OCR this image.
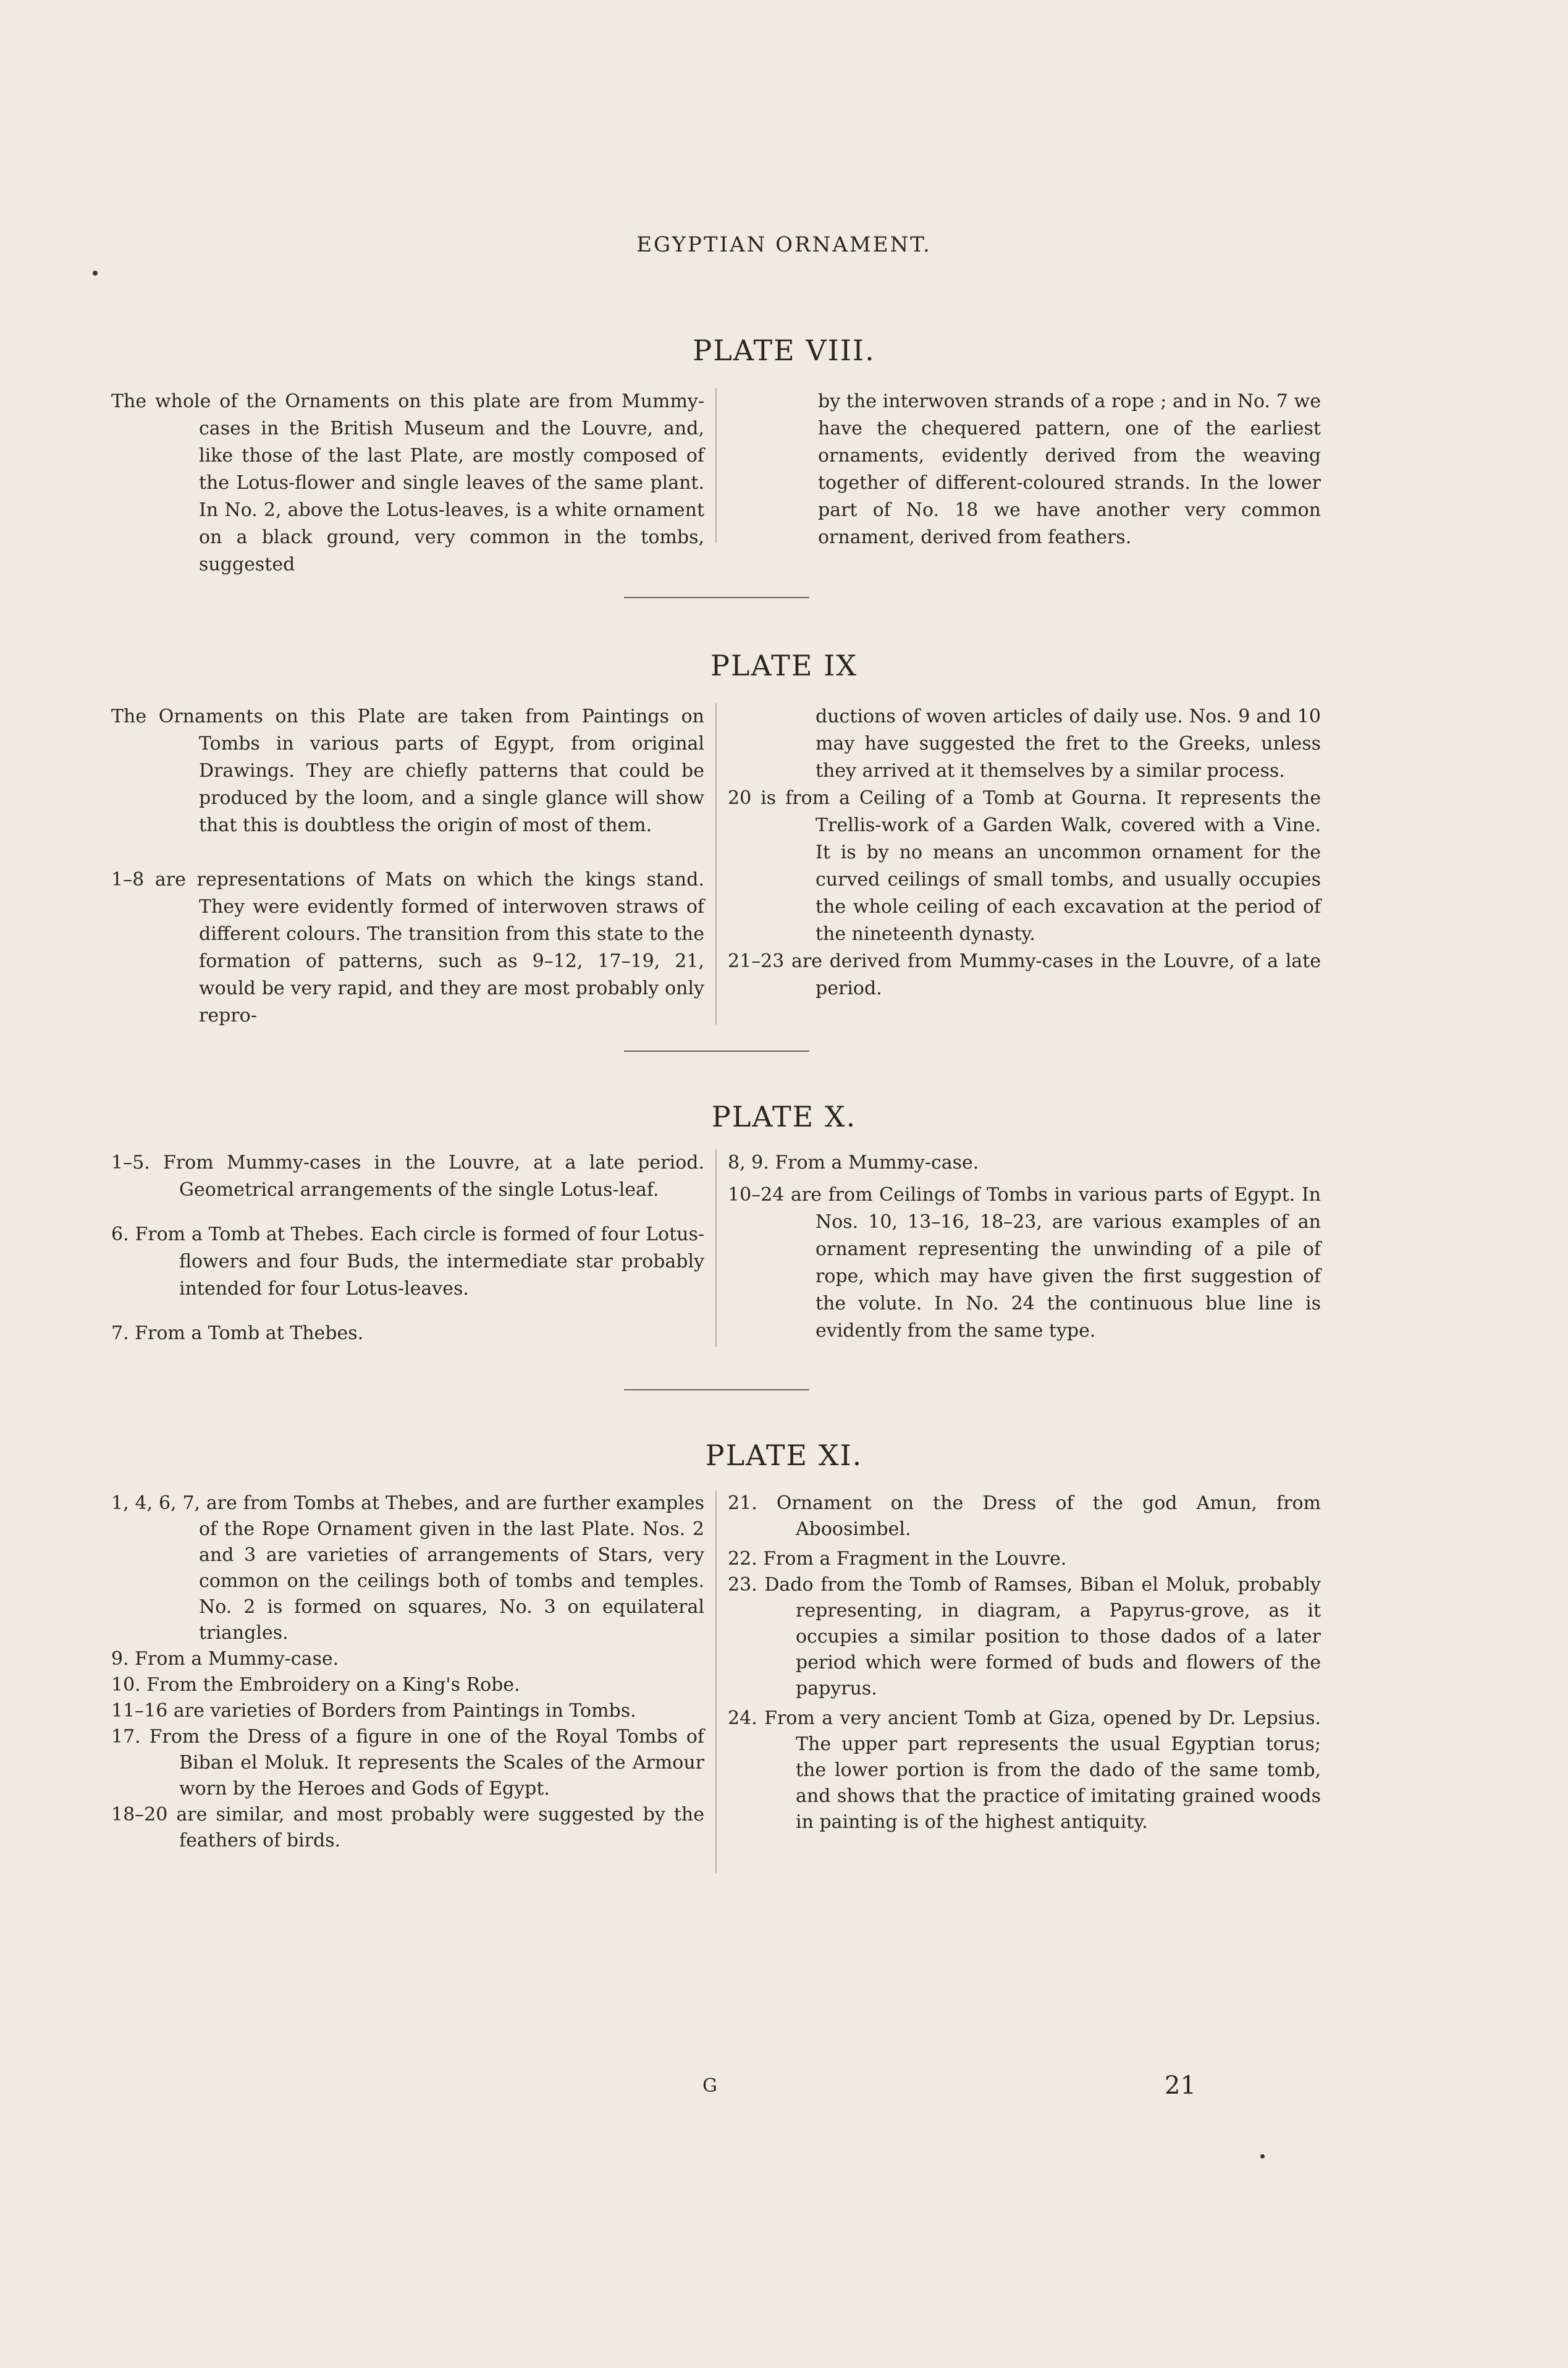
EGYPTIAN ORNAMENT.
PLATE VIII.
The whole of the Ornaments on this plate are from Mummy-cases in the British Museum and the Louvre, and, like those of the last Plate, are mostly composed of the Lotus-flower and single leaves of the same plant. In No. 2, above the Lotus-leaves, is a white ornament on a black ground, very common in the tombs, suggested
by the interwoven strands of a rope ; and in No. 7 we have the chequered pattern, one of the earliest ornaments, evidently derived from the weaving together of different-coloured strands. In the lower part of No. 18 we have another very common ornament, derived from feathers.
PLATE IX
The Ornaments on this Plate are taken from Paintings on Tombs in various parts of Egypt, from original Drawings. They are chiefly patterns that could be produced by the loom, and a single glance will show that this is doubtless the origin of most of them.
1–8 are representations of Mats on which the kings stand. They were evidently formed of interwoven straws of different colours. The transition from this state to the formation of patterns, such as 9–12, 17–19, 21, would be very rapid, and they are most probably only repro-
ductions of woven articles of daily use. Nos. 9 and 10 may have suggested the fret to the Greeks, unless they arrived at it themselves by a similar process.
20 is from a Ceiling of a Tomb at Gourna. It represents the Trellis-work of a Garden Walk, covered with a Vine. It is by no means an uncommon ornament for the curved ceilings of small tombs, and usually occupies the whole ceiling of each excavation at the period of the nineteenth dynasty.
21–23 are derived from Mummy-cases in the Louvre, of a late period.
PLATE X.
1–5. From Mummy-cases in the Louvre, at a late period. Geometrical arrangements of the single Lotus-leaf.
6. From a Tomb at Thebes. Each circle is formed of four Lotus-flowers and four Buds, the intermediate star probably intended for four Lotus-leaves.
7. From a Tomb at Thebes.
8, 9. From a Mummy-case.
10–24 are from Ceilings of Tombs in various parts of Egypt. In Nos. 10, 13–16, 18–23, are various examples of an ornament representing the unwinding of a pile of rope, which may have given the first suggestion of the volute. In No. 24 the continuous blue line is evidently from the same type.
PLATE XI.
1, 4, 6, 7, are from Tombs at Thebes, and are further examples of the Rope Ornament given in the last Plate. Nos. 2 and 3 are varieties of arrangements of Stars, very common on the ceilings both of tombs and temples. No. 2 is formed on squares, No. 3 on equilateral triangles.
9. From a Mummy-case.
10. From the Embroidery on a King's Robe.
11–16 are varieties of Borders from Paintings in Tombs.
17. From the Dress of a figure in one of the Royal Tombs of Biban el Moluk. It represents the Scales of the Armour worn by the Heroes and Gods of Egypt.
18–20 are similar, and most probably were suggested by the feathers of birds.
21. Ornament on the Dress of the god Amun, from Aboosimbel.
22. From a Fragment in the Louvre.
23. Dado from the Tomb of Ramses, Biban el Moluk, probably representing, in diagram, a Papyrus-grove, as it occupies a similar position to those dados of a later period which were formed of buds and flowers of the papyrus.
24. From a very ancient Tomb at Giza, opened by Dr. Lepsius. The upper part represents the usual Egyptian torus; the lower portion is from the dado of the same tomb, and shows that the practice of imitating grained woods in painting is of the highest antiquity.
G	21
